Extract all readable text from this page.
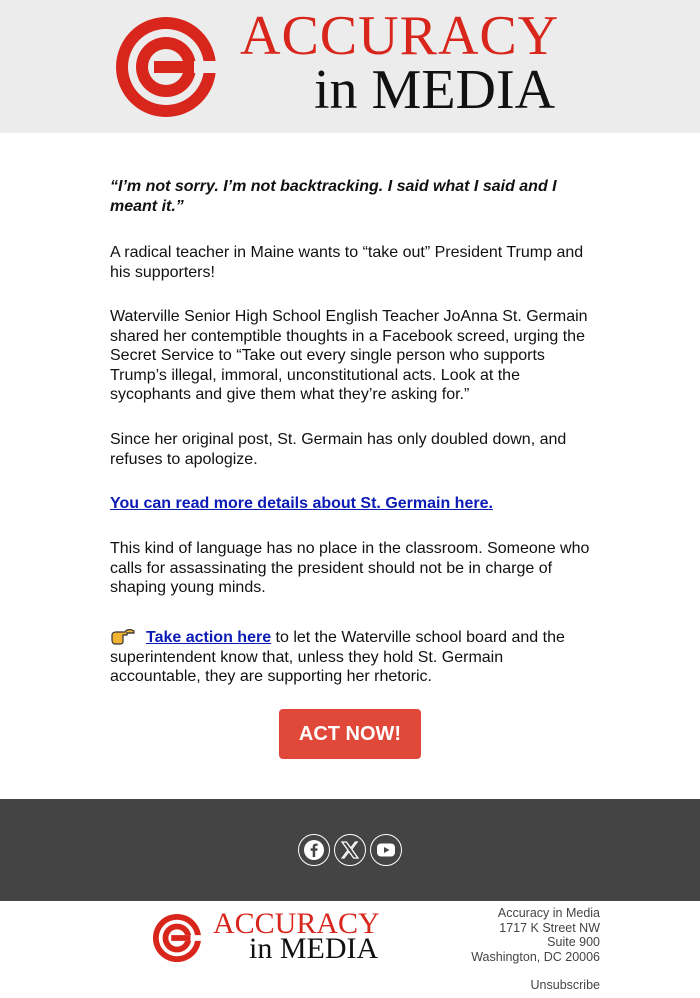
ACCURACY
in MEDIA
“I’m not sorry. I’m not backtracking. I said what I said and I meant it.”
A radical teacher in Maine wants to “take out” President Trump and his supporters!
Waterville Senior High School English Teacher JoAnna St. Germain shared her contemptible thoughts in a Facebook screed, urging the Secret Service to “Take out every single person who supports Trump’s illegal, immoral, unconstitutional acts. Look at the sycophants and give them what they’re asking for.”
Since her original post, St. Germain has only doubled down, and refuses to apologize.
You can read more details about St. Germain here.
This kind of language has no place in the classroom. Someone who calls for assassinating the president should not be in charge of shaping young minds.
Take action here to let the Waterville school board and the superintendent know that, unless they hold St. Germain accountable, they are supporting her rhetoric.
ACT NOW!
ACCURACY
in MEDIA
Accuracy in Media
1717 K Street NW
Suite 900
Washington, DC 20006
Unsubscribe
